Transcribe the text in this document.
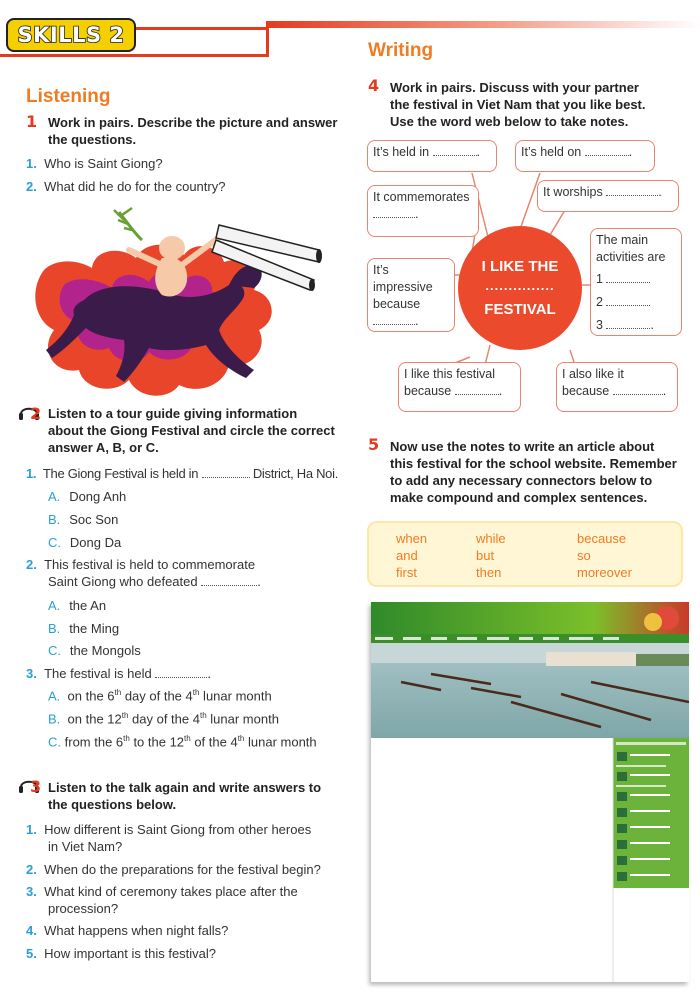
SKILLS 2
Listening
1 Work in pairs. Describe the picture and answer
the questions.
1. Who is Saint Giong?
2. What did he do for the country?
2 Listen to a tour guide giving information
about the Giong Festival and circle the correct
answer A, B, or C.
1. The Giong Festival is held in	District, Ha Noi.
A. Dong Anh
B. Soc Son
C. Dong Da
2. This festival is held to commemorate
Saint Giong who defeated	.
A. the An
B. the Ming
C. the Mongols
3. The festival is held	.
A. on the 6th day of the 4th lunar month
B. on the 12th day of the 4th lunar month
C. from the 6th to the 12th of the 4th lunar month
3 Listen to the talk again and write answers to
the questions below.
1. How different is Saint Giong from other heroes
in Viet Nam?
2. When do the preparations for the festival begin?
3. What kind of ceremony takes place after the
procession?
4. What happens when night falls?
5. How important is this festival?
Writing
4 Work in pairs. Discuss with your partner
the festival in Viet Nam that you like best.
Use the word web below to take notes.
It’s held in	.	It’s held on	.
It commemorates
.
It worships	.
It’s impressive
because
.
The main
activities are
1
2
3	.
I LIKE THE
...............
FESTIVAL
I like this festival
because	.
I also like it
because	.
5 Now use the notes to write an article about
this festival for the school website. Remember
to add any necessary connectors below to
make compound and complex sentences.
when	while	because
and	but	so
first	then	moreover
